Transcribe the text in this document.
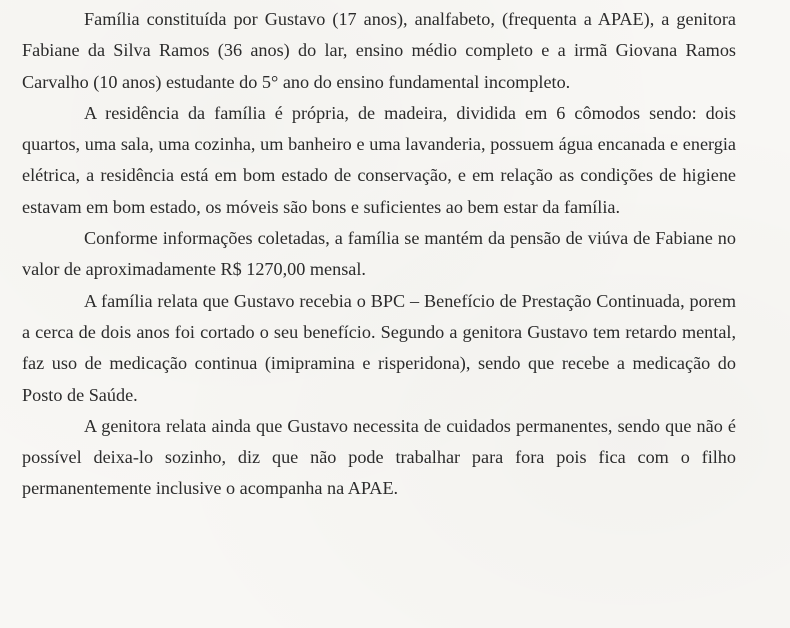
Família constituída por Gustavo (17 anos), analfabeto, (frequenta a APAE), a genitora Fabiane da Silva Ramos (36 anos) do lar, ensino médio completo e a irmã Giovana Ramos Carvalho (10 anos) estudante do 5° ano do ensino fundamental incompleto.

A residência da família é própria, de madeira, dividida em 6 cômodos sendo: dois quartos, uma sala, uma cozinha, um banheiro e uma lavanderia, possuem água encanada e energia elétrica, a residência está em bom estado de conservação, e em relação as condições de higiene estavam em bom estado, os móveis são bons e suficientes ao bem estar da família.

Conforme informações coletadas, a família se mantém da pensão de viúva de Fabiane no valor de aproximadamente R$ 1270,00 mensal.

A família relata que Gustavo recebia o BPC – Benefício de Prestação Continuada, porem a cerca de dois anos foi cortado o seu benefício. Segundo a genitora Gustavo tem retardo mental, faz uso de medicação continua (imipramina e risperidona), sendo que recebe a medicação do Posto de Saúde.

A genitora relata ainda que Gustavo necessita de cuidados permanentes, sendo que não é possível deixa-lo sozinho, diz que não pode trabalhar para fora pois fica com o filho permanentemente inclusive o acompanha na APAE.
